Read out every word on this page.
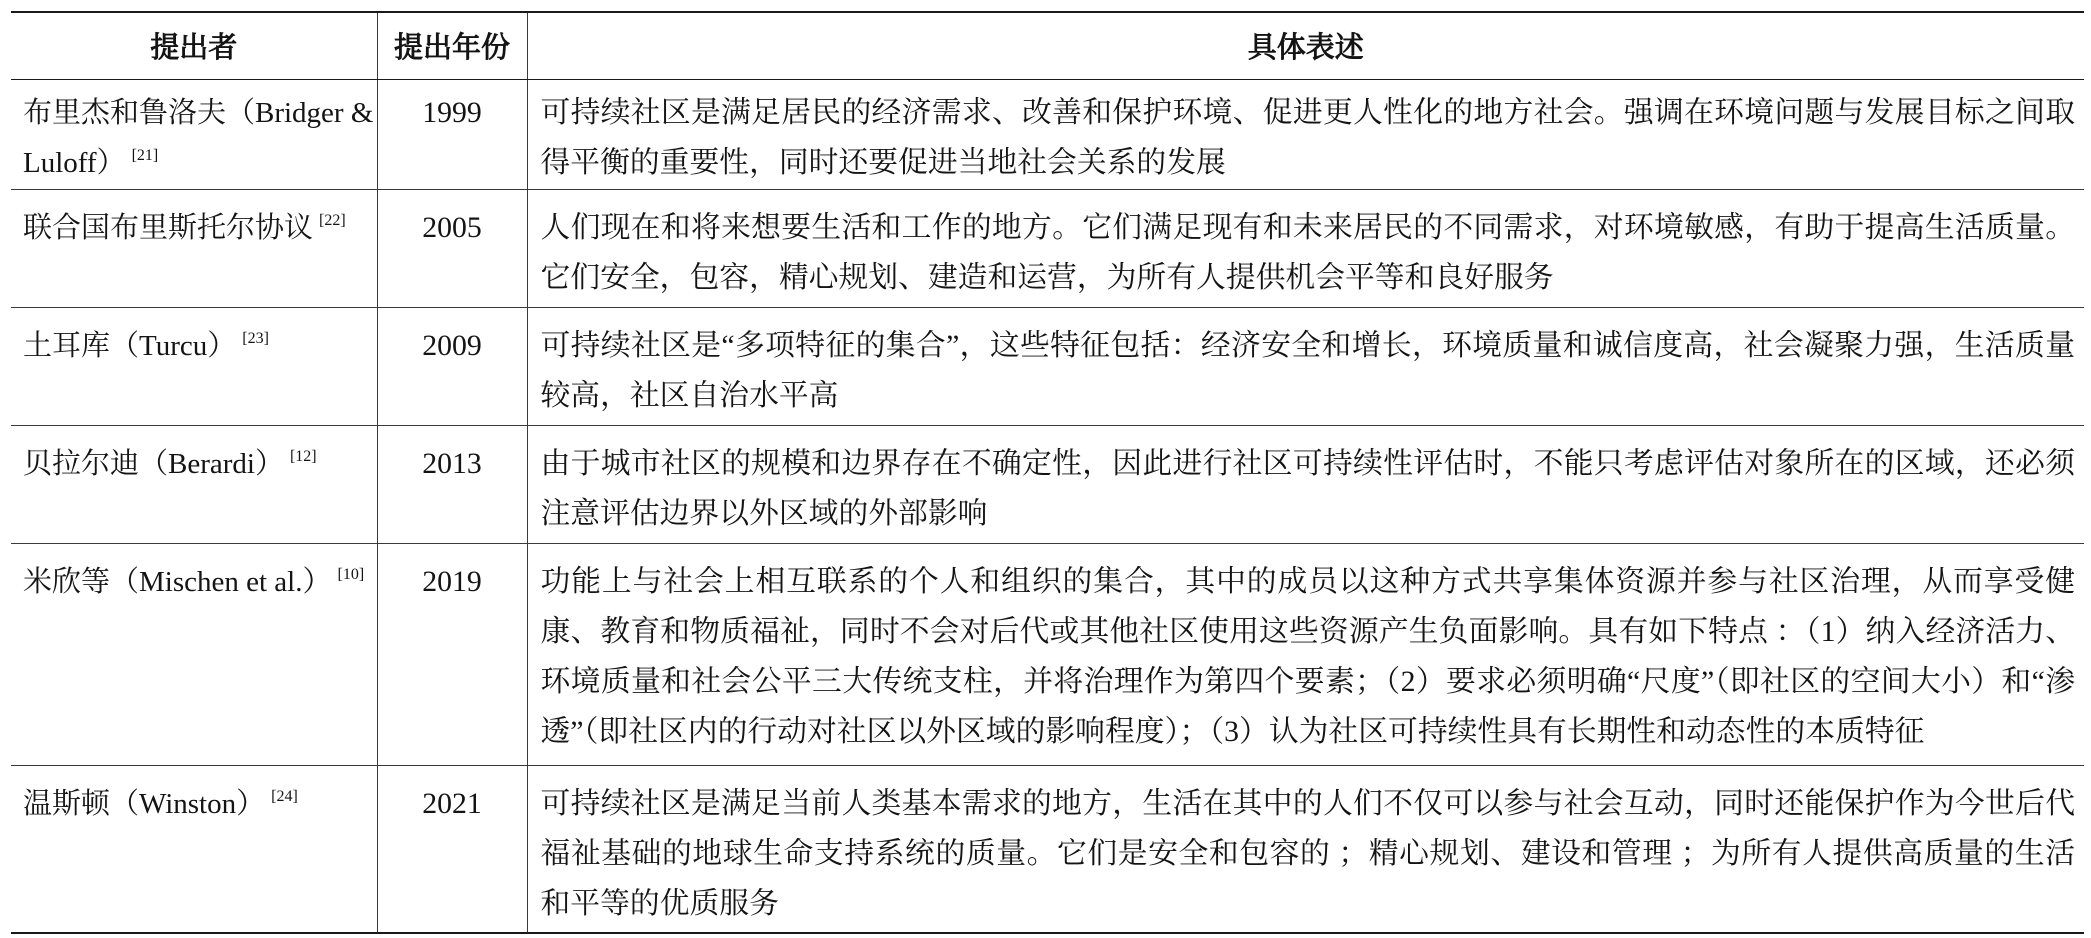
提出者	提出年份	具体表述
布里杰和鲁洛夫（Bridger & Luloff） [21]	1999	可持续社区是满足居民的经济需求、改善和保护环境、促进更人性化的地方社会。强调在环境问题与发展目标之间取得平衡的重要性，同时还要促进当地社会关系的发展
联合国布里斯托尔协议 [22]	2005	人们现在和将来想要生活和工作的地方。它们满足现有和未来居民的不同需求，对环境敏感，有助于提高生活质量。它们安全，包容，精心规划、建造和运营，为所有人提供机会平等和良好服务
土耳库（Turcu） [23]	2009	可持续社区是“多项特征的集合”，这些特征包括：经济安全和增长，环境质量和诚信度高，社会凝聚力强，生活质量较高，社区自治水平高
贝拉尔迪（Berardi） [12]	2013	由于城市社区的规模和边界存在不确定性，因此进行社区可持续性评估时，不能只考虑评估对象所在的区域，还必须注意评估边界以外区域的外部影响
米欣等（Mischen et al.） [10]	2019	功能上与社会上相互联系的个人和组织的集合，其中的成员以这种方式共享集体资源并参与社区治理，从而享受健康、教育和物质福祉，同时不会对后代或其他社区使用这些资源产生负面影响。具有如下特点 ：（1）纳入经济活力、环境质量和社会公平三大传统支柱，并将治理作为第四个要素；（2）要求必须明确“尺度”（即社区的空间大小）和“渗透”（即社区内的行动对社区以外区域的影响程度）；（3）认为社区可持续性具有长期性和动态性的本质特征
温斯顿（Winston） [24]	2021	可持续社区是满足当前人类基本需求的地方，生活在其中的人们不仅可以参与社会互动，同时还能保护作为今世后代福祉基础的地球生命支持系统的质量。它们是安全和包容的 ；精心规划、建设和管理 ；为所有人提供高质量的生活和平等的优质服务
